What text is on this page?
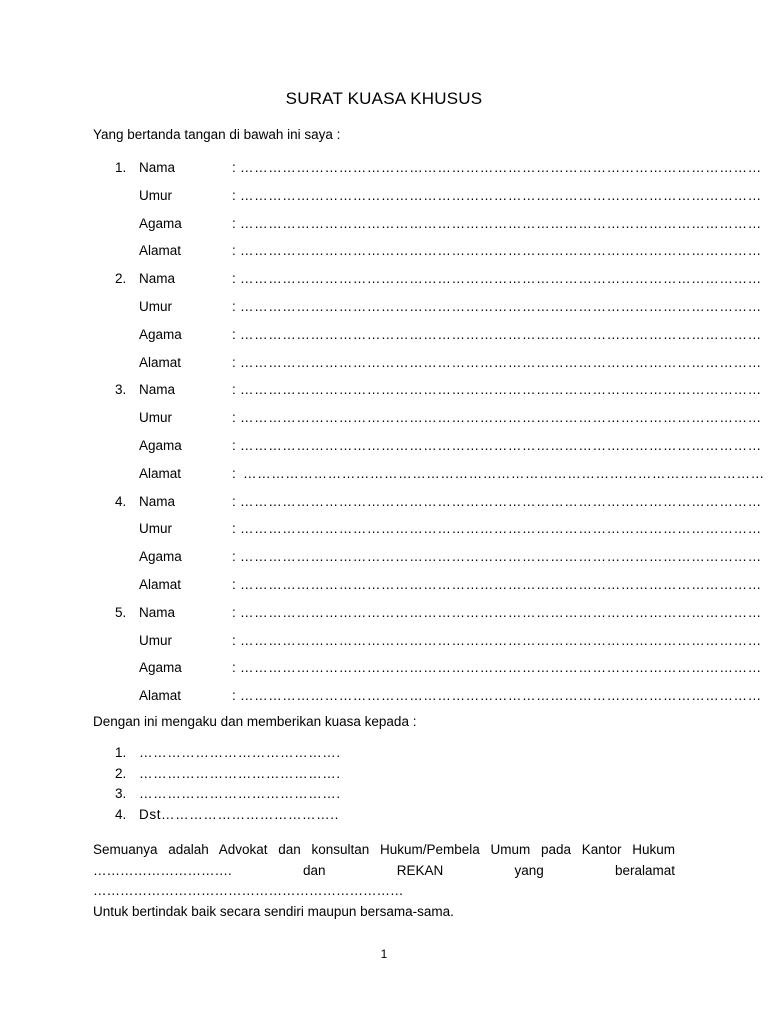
SURAT KUASA KHUSUS
Yang bertanda tangan di bawah ini saya :
1. Nama	: …………………………………………………………………………………………………
Umur	: …………………………………………………………………………………………………
Agama	: …………………………………………………………………………………………………
Alamat	: …………………………………………………………………………………………………
2. Nama	: …………………………………………………………………………………………………
Umur	: …………………………………………………………………………………………………
Agama	: …………………………………………………………………………………………………
Alamat	: …………………………………………………………………………………………………
3. Nama	: …………………………………………………………………………………………………
Umur	: …………………………………………………………………………………………………
Agama	: …………………………………………………………………………………………………
Alamat	: …………………………………………………………………………………………………
4. Nama	: …………………………………………………………………………………………………
Umur	: …………………………………………………………………………………………………
Agama	: …………………………………………………………………………………………………
Alamat	: …………………………………………………………………………………………………
5. Nama	: …………………………………………………………………………………………………
Umur	: …………………………………………………………………………………………………
Agama	: …………………………………………………………………………………………………
Alamat	: …………………………………………………………………………………………………
Dengan ini mengaku dan memberikan kuasa kepada :
1. …………………………………….
2. …………………………………….
3. …………………………………….
4. Dst………………………………..
Semuanya adalah Advokat dan konsultan Hukum/Pembela Umum pada Kantor Hukum
…………………………. dan REKAN yang beralamat ……………………………………………………………
Untuk bertindak baik secara sendiri maupun bersama-sama.
1
